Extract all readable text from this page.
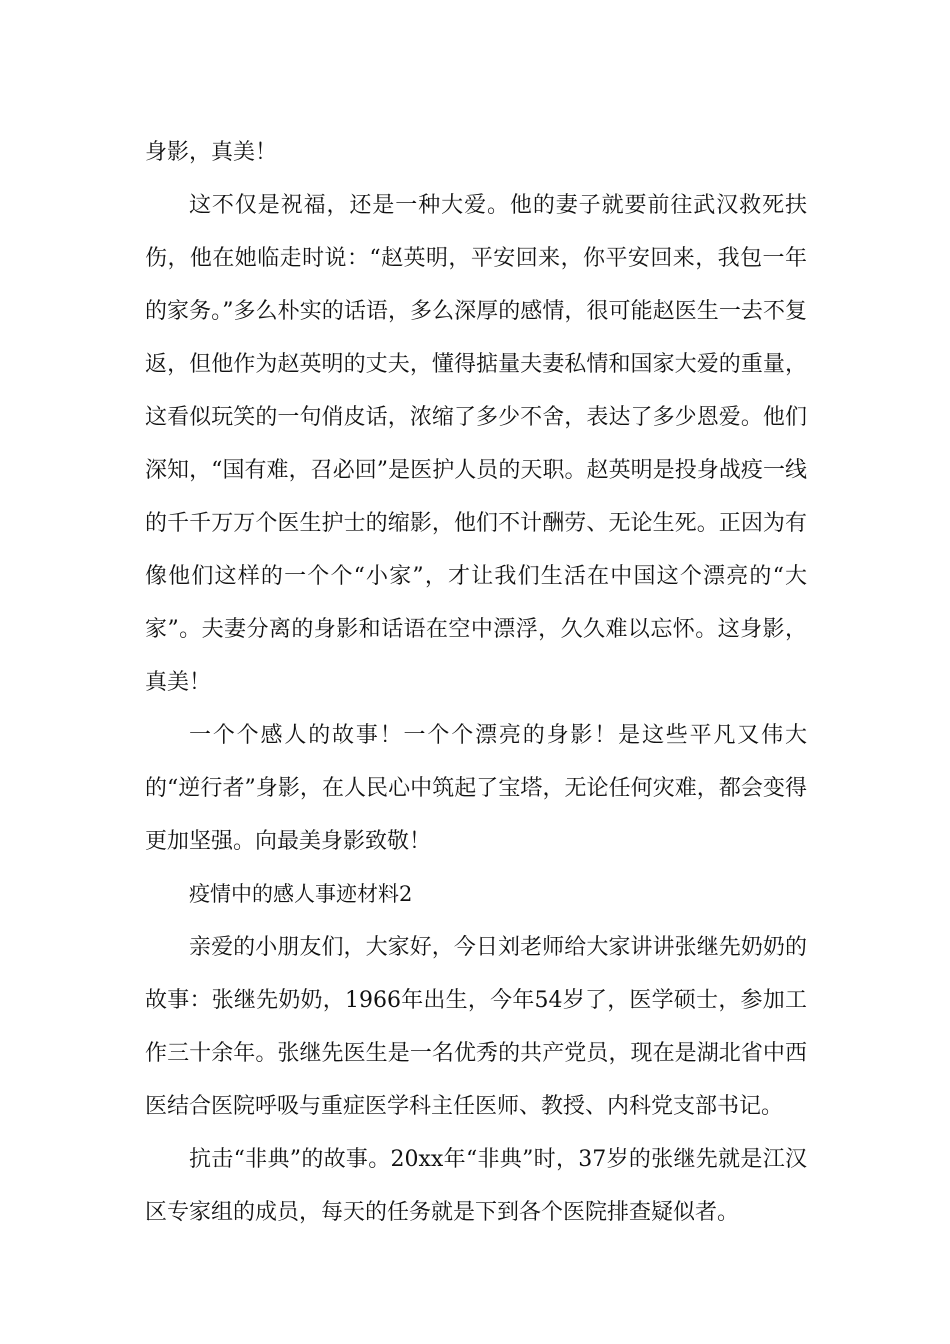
身影，真美！

这不仅是祝福，还是一种大爱。他的妻子就要前往武汉救死扶伤，他在她临走时说：“赵英明，平安回来，你平安回来，我包一年的家务。”多么朴实的话语，多么深厚的感情，很可能赵医生一去不复返，但他作为赵英明的丈夫，懂得掂量夫妻私情和国家大爱的重量，这看似玩笑的一句俏皮话，浓缩了多少不舍，表达了多少恩爱。他们深知，“国有难，召必回”是医护人员的天职。赵英明是投身战疫一线的千千万万个医生护士的缩影，他们不计酬劳、无论生死。正因为有像他们这样的一个个“小家”，才让我们生活在中国这个漂亮的“大家”。夫妻分离的身影和话语在空中漂浮，久久难以忘怀。这身影，真美！

一个个感人的故事！一个个漂亮的身影！是这些平凡又伟大的“逆行者”身影，在人民心中筑起了宝塔，无论任何灾难，都会变得更加坚强。向最美身影致敬！

疫情中的感人事迹材料2

亲爱的小朋友们，大家好，今日刘老师给大家讲讲张继先奶奶的故事：张继先奶奶，1966年出生，今年54岁了，医学硕士，参加工作三十余年。张继先医生是一名优秀的共产党员，现在是湖北省中西医结合医院呼吸与重症医学科主任医师、教授、内科党支部书记。

抗击“非典”的故事。20xx年“非典”时，37岁的张继先就是江汉区专家组的成员，每天的任务就是下到各个医院排查疑似者。
